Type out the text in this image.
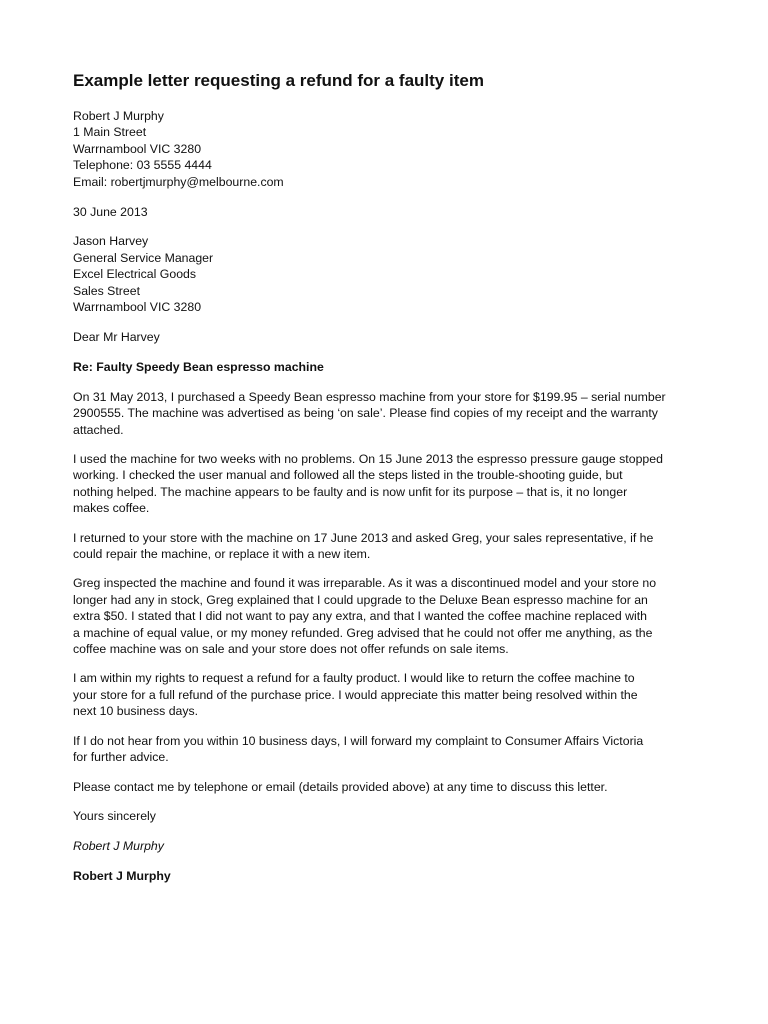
Example letter requesting a refund for a faulty item
Robert J Murphy
1 Main Street
Warrnambool VIC 3280
Telephone: 03 5555 4444
Email: robertjmurphy@melbourne.com
30 June 2013
Jason Harvey
General Service Manager
Excel Electrical Goods
Sales Street
Warrnambool VIC 3280
Dear Mr Harvey
Re: Faulty Speedy Bean espresso machine
On 31 May 2013, I purchased a Speedy Bean espresso machine from your store for $199.95 – serial number
2900555. The machine was advertised as being ‘on sale’. Please find copies of my receipt and the warranty
attached.
I used the machine for two weeks with no problems. On 15 June 2013 the espresso pressure gauge stopped
working. I checked the user manual and followed all the steps listed in the trouble-shooting guide, but
nothing helped. The machine appears to be faulty and is now unfit for its purpose – that is, it no longer
makes coffee.
I returned to your store with the machine on 17 June 2013 and asked Greg, your sales representative, if he
could repair the machine, or replace it with a new item.
Greg inspected the machine and found it was irreparable. As it was a discontinued model and your store no
longer had any in stock, Greg explained that I could upgrade to the Deluxe Bean espresso machine for an
extra $50. I stated that I did not want to pay any extra, and that I wanted the coffee machine replaced with
a machine of equal value, or my money refunded. Greg advised that he could not offer me anything, as the
coffee machine was on sale and your store does not offer refunds on sale items.
I am within my rights to request a refund for a faulty product. I would like to return the coffee machine to
your store for a full refund of the purchase price. I would appreciate this matter being resolved within the
next 10 business days.
If I do not hear from you within 10 business days, I will forward my complaint to Consumer Affairs Victoria
for further advice.
Please contact me by telephone or email (details provided above) at any time to discuss this letter.
Yours sincerely
Robert J Murphy
Robert J Murphy
